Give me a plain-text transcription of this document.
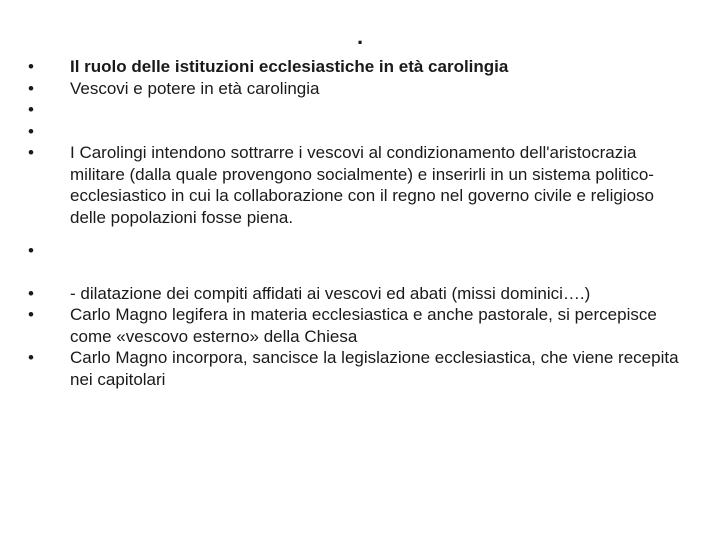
.
•	Il ruolo delle istituzioni ecclesiastiche in età carolingia
•	Vescovi e potere in età carolingia
•
•
•	I Carolingi intendono sottrarre i vescovi al condizionamento dell'aristocrazia militare (dalla quale provengono socialmente) e inserirli in un sistema politico-ecclesiastico in cui la collaborazione con il regno nel governo civile e religioso delle popolazioni fosse piena.
•
•	- dilatazione dei compiti affidati ai vescovi ed abati (missi dominici….)
•	Carlo Magno legifera in materia ecclesiastica e anche pastorale, si percepisce come «vescovo esterno» della Chiesa
•	Carlo Magno incorpora, sancisce la legislazione ecclesiastica, che viene recepita nei capitolari
